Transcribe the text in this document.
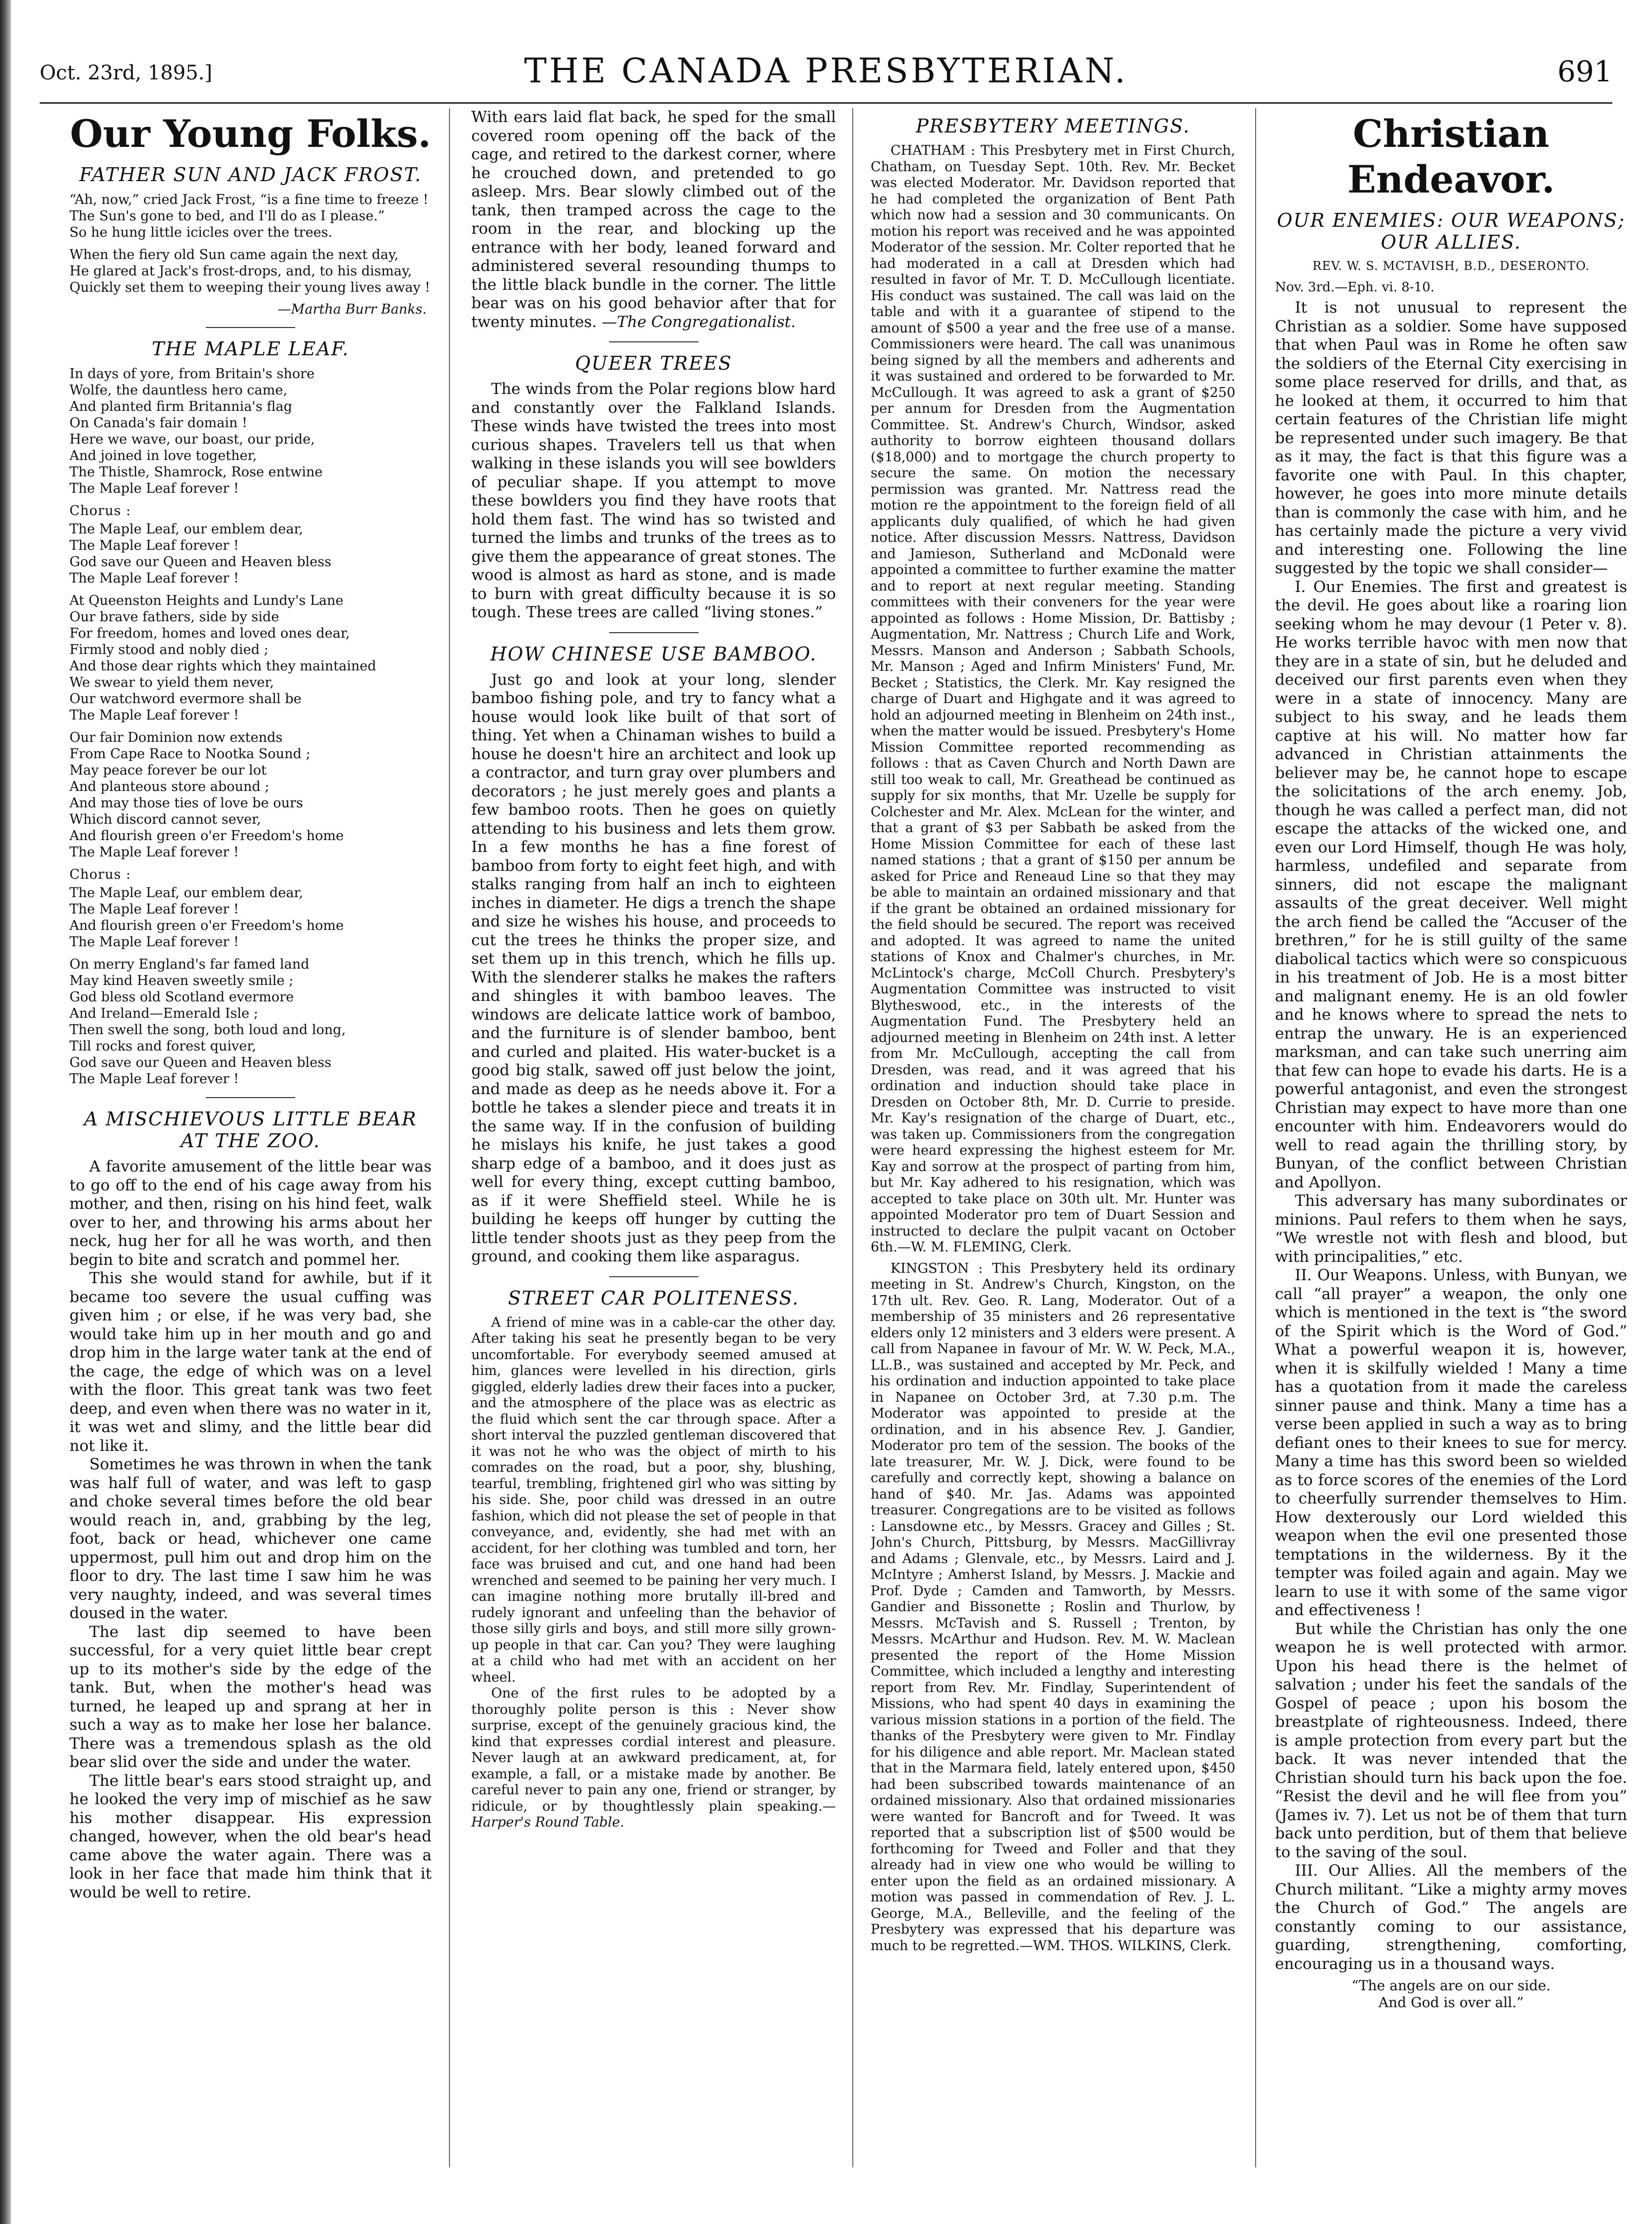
Oct. 23rd, 1895.]	THE CANADA PRESBYTERIAN.	691
Our Young Folks.
FATHER SUN AND JACK FROST.
“Ah, now,” cried Jack Frost, “is a fine time to freeze !
The Sun's gone to bed, and I'll do as I please.”
So he hung little icicles over the trees.
When the fiery old Sun came again the next day,
He glared at Jack's frost-drops, and, to his dismay,
Quickly set them to weeping their young lives away !
—Martha Burr Banks.
THE MAPLE LEAF.
In days of yore, from Britain's shore
Wolfe, the dauntless hero came,
And planted firm Britannia's flag
On Canada's fair domain !
Here we wave, our boast, our pride,
And joined in love together,
The Thistle, Shamrock, Rose entwine
The Maple Leaf forever !
Chorus :
The Maple Leaf, our emblem dear,
The Maple Leaf forever !
God save our Queen and Heaven bless
The Maple Leaf forever !
At Queenston Heights and Lundy's Lane
Our brave fathers, side by side
For freedom, homes and loved ones dear,
Firmly stood and nobly died ;
And those dear rights which they maintained
We swear to yield them never,
Our watchword evermore shall be
The Maple Leaf forever !
Our fair Dominion now extends
From Cape Race to Nootka Sound ;
May peace forever be our lot
And planteous store abound ;
And may those ties of love be ours
Which discord cannot sever,
And flourish green o'er Freedom's home
The Maple Leaf forever !
Chorus :
The Maple Leaf, our emblem dear,
The Maple Leaf forever !
And flourish green o'er Freedom's home
The Maple Leaf forever !
On merry England's far famed land
May kind Heaven sweetly smile ;
God bless old Scotland evermore
And Ireland—Emerald Isle ;
Then swell the song, both loud and long,
Till rocks and forest quiver,
God save our Queen and Heaven bless
The Maple Leaf forever !
A MISCHIEVOUS LITTLE BEAR AT THE ZOO.

A favorite amusement of the little bear was to go off to the end of his cage away from his mother, and then, rising on his hind feet, walk over to her, and throwing his arms about her neck, hug her for all he was worth, and then begin to bite and scratch and pommel her.

This she would stand for awhile, but if it became too severe the usual cuffing was given him ; or else, if he was very bad, she would take him up in her mouth and go and drop him in the large water tank at the end of the cage, the edge of which was on a level with the floor. This great tank was two feet deep, and even when there was no water in it, it was wet and slimy, and the little bear did not like it.

Sometimes he was thrown in when the tank was half full of water, and was left to gasp and choke several times before the old bear would reach in, and, grabbing by the leg, foot, back or head, whichever one came uppermost, pull him out and drop him on the floor to dry. The last time I saw him he was very naughty, indeed, and was several times doused in the water.

The last dip seemed to have been successful, for a very quiet little bear crept up to its mother's side by the edge of the tank. But, when the mother's head was turned, he leaped up and sprang at her in such a way as to make her lose her balance. There was a tremendous splash as the old bear slid over the side and under the water.

The little bear's ears stood straight up, and he looked the very imp of mischief as he saw his mother disappear. His expression changed, however, when the old bear's head came above the water again. There was a look in her face that made him think that it would be well to retire.

With ears laid flat back, he sped for the small covered room opening off the back of the cage, and retired to the darkest corner, where he crouched down, and pretended to go asleep. Mrs. Bear slowly climbed out of the tank, then tramped across the cage to the room in the rear, and blocking up the entrance with her body, leaned forward and administered several resounding thumps to the little black bundle in the corner. The little bear was on his good behavior after that for twenty minutes. —The Congregationalist.

QUEER TREES

The winds from the Polar regions blow hard and constantly over the Falkland Islands. These winds have twisted the trees into most curious shapes. Travelers tell us that when walking in these islands you will see bowlders of peculiar shape. If you attempt to move these bowlders you find they have roots that hold them fast. The wind has so twisted and turned the limbs and trunks of the trees as to give them the appearance of great stones. The wood is almost as hard as stone, and is made to burn with great difficulty because it is so tough. These trees are called “living stones.”

HOW CHINESE USE BAMBOO.

Just go and look at your long, slender bamboo fishing pole, and try to fancy what a house would look like built of that sort of thing. Yet when a Chinaman wishes to build a house he doesn't hire an architect and look up a contractor, and turn gray over plumbers and decorators ; he just merely goes and plants a few bamboo roots. Then he goes on quietly attending to his business and lets them grow. In a few months he has a fine forest of bamboo from forty to eight feet high, and with stalks ranging from half an inch to eighteen inches in diameter. He digs a trench the shape and size he wishes his house, and proceeds to cut the trees he thinks the proper size, and set them up in this trench, which he fills up. With the slenderer stalks he makes the rafters and shingles it with bamboo leaves. The windows are delicate lattice work of bamboo, and the furniture is of slender bamboo, bent and curled and plaited. His water-bucket is a good big stalk, sawed off just below the joint, and made as deep as he needs above it. For a bottle he takes a slender piece and treats it in the same way. If in the confusion of building he mislays his knife, he just takes a good sharp edge of a bamboo, and it does just as well for every thing, except cutting bamboo, as if it were Sheffield steel. While he is building he keeps off hunger by cutting the little tender shoots just as they peep from the ground, and cooking them like asparagus.

STREET CAR POLITENESS.

A friend of mine was in a cable-car the other day. After taking his seat he presently began to be very uncomfortable. For everybody seemed amused at him, glances were levelled in his direction, girls giggled, elderly ladies drew their faces into a pucker, and the atmosphere of the place was as electric as the fluid which sent the car through space. After a short interval the puzzled gentleman discovered that it was not he who was the object of mirth to his comrades on the road, but a poor, shy, blushing, tearful, trembling, frightened girl who was sitting by his side. She, poor child was dressed in an outre fashion, which did not please the set of people in that conveyance, and, evidently, she had met with an accident, for her clothing was tumbled and torn, her face was bruised and cut, and one hand had been wrenched and seemed to be paining her very much. I can imagine nothing more brutally ill-bred and rudely ignorant and unfeeling than the behavior of those silly girls and boys, and still more silly grown-up people in that car. Can you? They were laughing at a child who had met with an accident on her wheel.

One of the first rules to be adopted by a thoroughly polite person is this : Never show surprise, except of the genuinely gracious kind, the kind that expresses cordial interest and pleasure. Never laugh at an awkward predicament, at, for example, a fall, or a mistake made by another. Be careful never to pain any one, friend or stranger, by ridicule, or by thoughtlessly plain speaking.—Harper's Round Table.

PRESBYTERY MEETINGS.

CHATHAM : This Presbytery met in First Church, Chatham, on Tuesday Sept. 10th. Rev. Mr. Becket was elected Moderator. Mr. Davidson reported that he had completed the organization of Bent Path which now had a session and 30 communicants. On motion his report was received and he was appointed Moderator of the session. Mr. Colter reported that he had moderated in a call at Dresden which had resulted in favor of Mr. T. D. McCullough licentiate. His conduct was sustained. The call was laid on the table and with it a guarantee of stipend to the amount of $500 a year and the free use of a manse. Commissioners were heard. The call was unanimous being signed by all the members and adherents and it was sustained and ordered to be forwarded to Mr. McCullough. It was agreed to ask a grant of $250 per annum for Dresden from the Augmentation Committee. St. Andrew's Church, Windsor, asked authority to borrow eighteen thousand dollars ($18,000) and to mortgage the church property to secure the same. On motion the necessary permission was granted. Mr. Nattress read the motion re the appointment to the foreign field of all applicants duly qualified, of which he had given notice. After discussion Messrs. Nattress, Davidson and Jamieson, Sutherland and McDonald were appointed a committee to further examine the matter and to report at next regular meeting. Standing committees with their conveners for the year were appointed as follows : Home Mission, Dr. Battisby ; Augmentation, Mr. Nattress ; Church Life and Work, Messrs. Manson and Anderson ; Sabbath Schools, Mr. Manson ; Aged and Infirm Ministers' Fund, Mr. Becket ; Statistics, the Clerk. Mr. Kay resigned the charge of Duart and Highgate and it was agreed to hold an adjourned meeting in Blenheim on 24th inst., when the matter would be issued. Presbytery's Home Mission Committee reported recommending as follows : that as Caven Church and North Dawn are still too weak to call, Mr. Greathead be continued as supply for six months, that Mr. Uzelle be supply for Colchester and Mr. Alex. McLean for the winter, and that a grant of $3 per Sabbath be asked from the Home Mission Committee for each of these last named stations ; that a grant of $150 per annum be asked for Price and Reneaud Line so that they may be able to maintain an ordained missionary and that if the grant be obtained an ordained missionary for the field should be secured. The report was received and adopted. It was agreed to name the united stations of Knox and Chalmer's churches, in Mr. McLintock's charge, McColl Church. Presbytery's Augmentation Committee was instructed to visit Blytheswood, etc., in the interests of the Augmentation Fund. The Presbytery held an adjourned meeting in Blenheim on 24th inst. A letter from Mr. McCullough, accepting the call from Dresden, was read, and it was agreed that his ordination and induction should take place in Dresden on October 8th, Mr. D. Currie to preside. Mr. Kay's resignation of the charge of Duart, etc., was taken up. Commissioners from the congregation were heard expressing the highest esteem for Mr. Kay and sorrow at the prospect of parting from him, but Mr. Kay adhered to his resignation, which was accepted to take place on 30th ult. Mr. Hunter was appointed Moderator pro tem of Duart Session and instructed to declare the pulpit vacant on October 6th.—W. M. FLEMING, Clerk.

KINGSTON : This Presbytery held its ordinary meeting in St. Andrew's Church, Kingston, on the 17th ult. Rev. Geo. R. Lang, Moderator. Out of a membership of 35 ministers and 26 representative elders only 12 ministers and 3 elders were present. A call from Napanee in favour of Mr. W. W. Peck, M.A., LL.B., was sustained and accepted by Mr. Peck, and his ordination and induction appointed to take place in Napanee on October 3rd, at 7.30 p.m. The Moderator was appointed to preside at the ordination, and in his absence Rev. J. Gandier, Moderator pro tem of the session. The books of the late treasurer, Mr. W. J. Dick, were found to be carefully and correctly kept, showing a balance on hand of $40. Mr. Jas. Adams was appointed treasurer. Congregations are to be visited as follows : Lansdowne etc., by Messrs. Gracey and Gilles ; St. John's Church, Pittsburg, by Messrs. MacGillivray and Adams ; Glenvale, etc., by Messrs. Laird and J. McIntyre ; Amherst Island, by Messrs. J. Mackie and Prof. Dyde ; Camden and Tamworth, by Messrs. Gandier and Bissonette ; Roslin and Thurlow, by Messrs. McTavish and S. Russell ; Trenton, by Messrs. McArthur and Hudson. Rev. M. W. Maclean presented the report of the Home Mission Committee, which included a lengthy and interesting report from Rev. Mr. Findlay, Superintendent of Missions, who had spent 40 days in examining the various mission stations in a portion of the field. The thanks of the Presbytery were given to Mr. Findlay for his diligence and able report. Mr. Maclean stated that in the Marmara field, lately entered upon, $450 had been subscribed towards maintenance of an ordained missionary. Also that ordained missionaries were wanted for Bancroft and for Tweed. It was reported that a subscription list of $500 would be forthcoming for Tweed and Foller and that they already had in view one who would be willing to enter upon the field as an ordained missionary. A motion was passed in commendation of Rev. J. L. George, M.A., Belleville, and the feeling of the Presbytery was expressed that his departure was much to be regretted.—WM. THOS. WILKINS, Clerk.

Christian Endeavor.
OUR ENEMIES: OUR WEAPONS; OUR ALLIES.
REV. W. S. MCTAVISH, B.D., DESERONTO.
Nov. 3rd.—Eph. vi. 8-10.

It is not unusual to represent the Christian as a soldier. Some have supposed that when Paul was in Rome he often saw the soldiers of the Eternal City exercising in some place reserved for drills, and that, as he looked at them, it occurred to him that certain features of the Christian life might be represented under such imagery. Be that as it may, the fact is that this figure was a favorite one with Paul. In this chapter, however, he goes into more minute details than is commonly the case with him, and he has certainly made the picture a very vivid and interesting one. Following the line suggested by the topic we shall consider—

I. Our Enemies. The first and greatest is the devil. He goes about like a roaring lion seeking whom he may devour (1 Peter v. 8). He works terrible havoc with men now that they are in a state of sin, but he deluded and deceived our first parents even when they were in a state of innocency. Many are subject to his sway, and he leads them captive at his will. No matter how far advanced in Christian attainments the believer may be, he cannot hope to escape the solicitations of the arch enemy. Job, though he was called a perfect man, did not escape the attacks of the wicked one, and even our Lord Himself, though He was holy, harmless, undefiled and separate from sinners, did not escape the malignant assaults of the great deceiver. Well might the arch fiend be called the “Accuser of the brethren,” for he is still guilty of the same diabolical tactics which were so conspicuous in his treatment of Job. He is a most bitter and malignant enemy. He is an old fowler and he knows where to spread the nets to entrap the unwary. He is an experienced marksman, and can take such unerring aim that few can hope to evade his darts. He is a powerful antagonist, and even the strongest Christian may expect to have more than one encounter with him. Endeavorers would do well to read again the thrilling story, by Bunyan, of the conflict between Christian and Apollyon.

This adversary has many subordinates or minions. Paul refers to them when he says, “We wrestle not with flesh and blood, but with principalities,” etc.

II. Our Weapons. Unless, with Bunyan, we call “all prayer” a weapon, the only one which is mentioned in the text is “the sword of the Spirit which is the Word of God.” What a powerful weapon it is, however, when it is skilfully wielded ! Many a time has a quotation from it made the careless sinner pause and think. Many a time has a verse been applied in such a way as to bring defiant ones to their knees to sue for mercy. Many a time has this sword been so wielded as to force scores of the enemies of the Lord to cheerfully surrender themselves to Him. How dexterously our Lord wielded this weapon when the evil one presented those temptations in the wilderness. By it the tempter was foiled again and again. May we learn to use it with some of the same vigor and effectiveness !

But while the Christian has only the one weapon he is well protected with armor. Upon his head there is the helmet of salvation ; under his feet the sandals of the Gospel of peace ; upon his bosom the breastplate of righteousness. Indeed, there is ample protection from every part but the back. It was never intended that the Christian should turn his back upon the foe. “Resist the devil and he will flee from you” (James iv. 7). Let us not be of them that turn back unto perdition, but of them that believe to the saving of the soul.

III. Our Allies. All the members of the Church militant. “Like a mighty army moves the Church of God.” The angels are constantly coming to our assistance, guarding, strengthening, comforting, encouraging us in a thousand ways.

“The angels are on our side.
And God is over all.”
